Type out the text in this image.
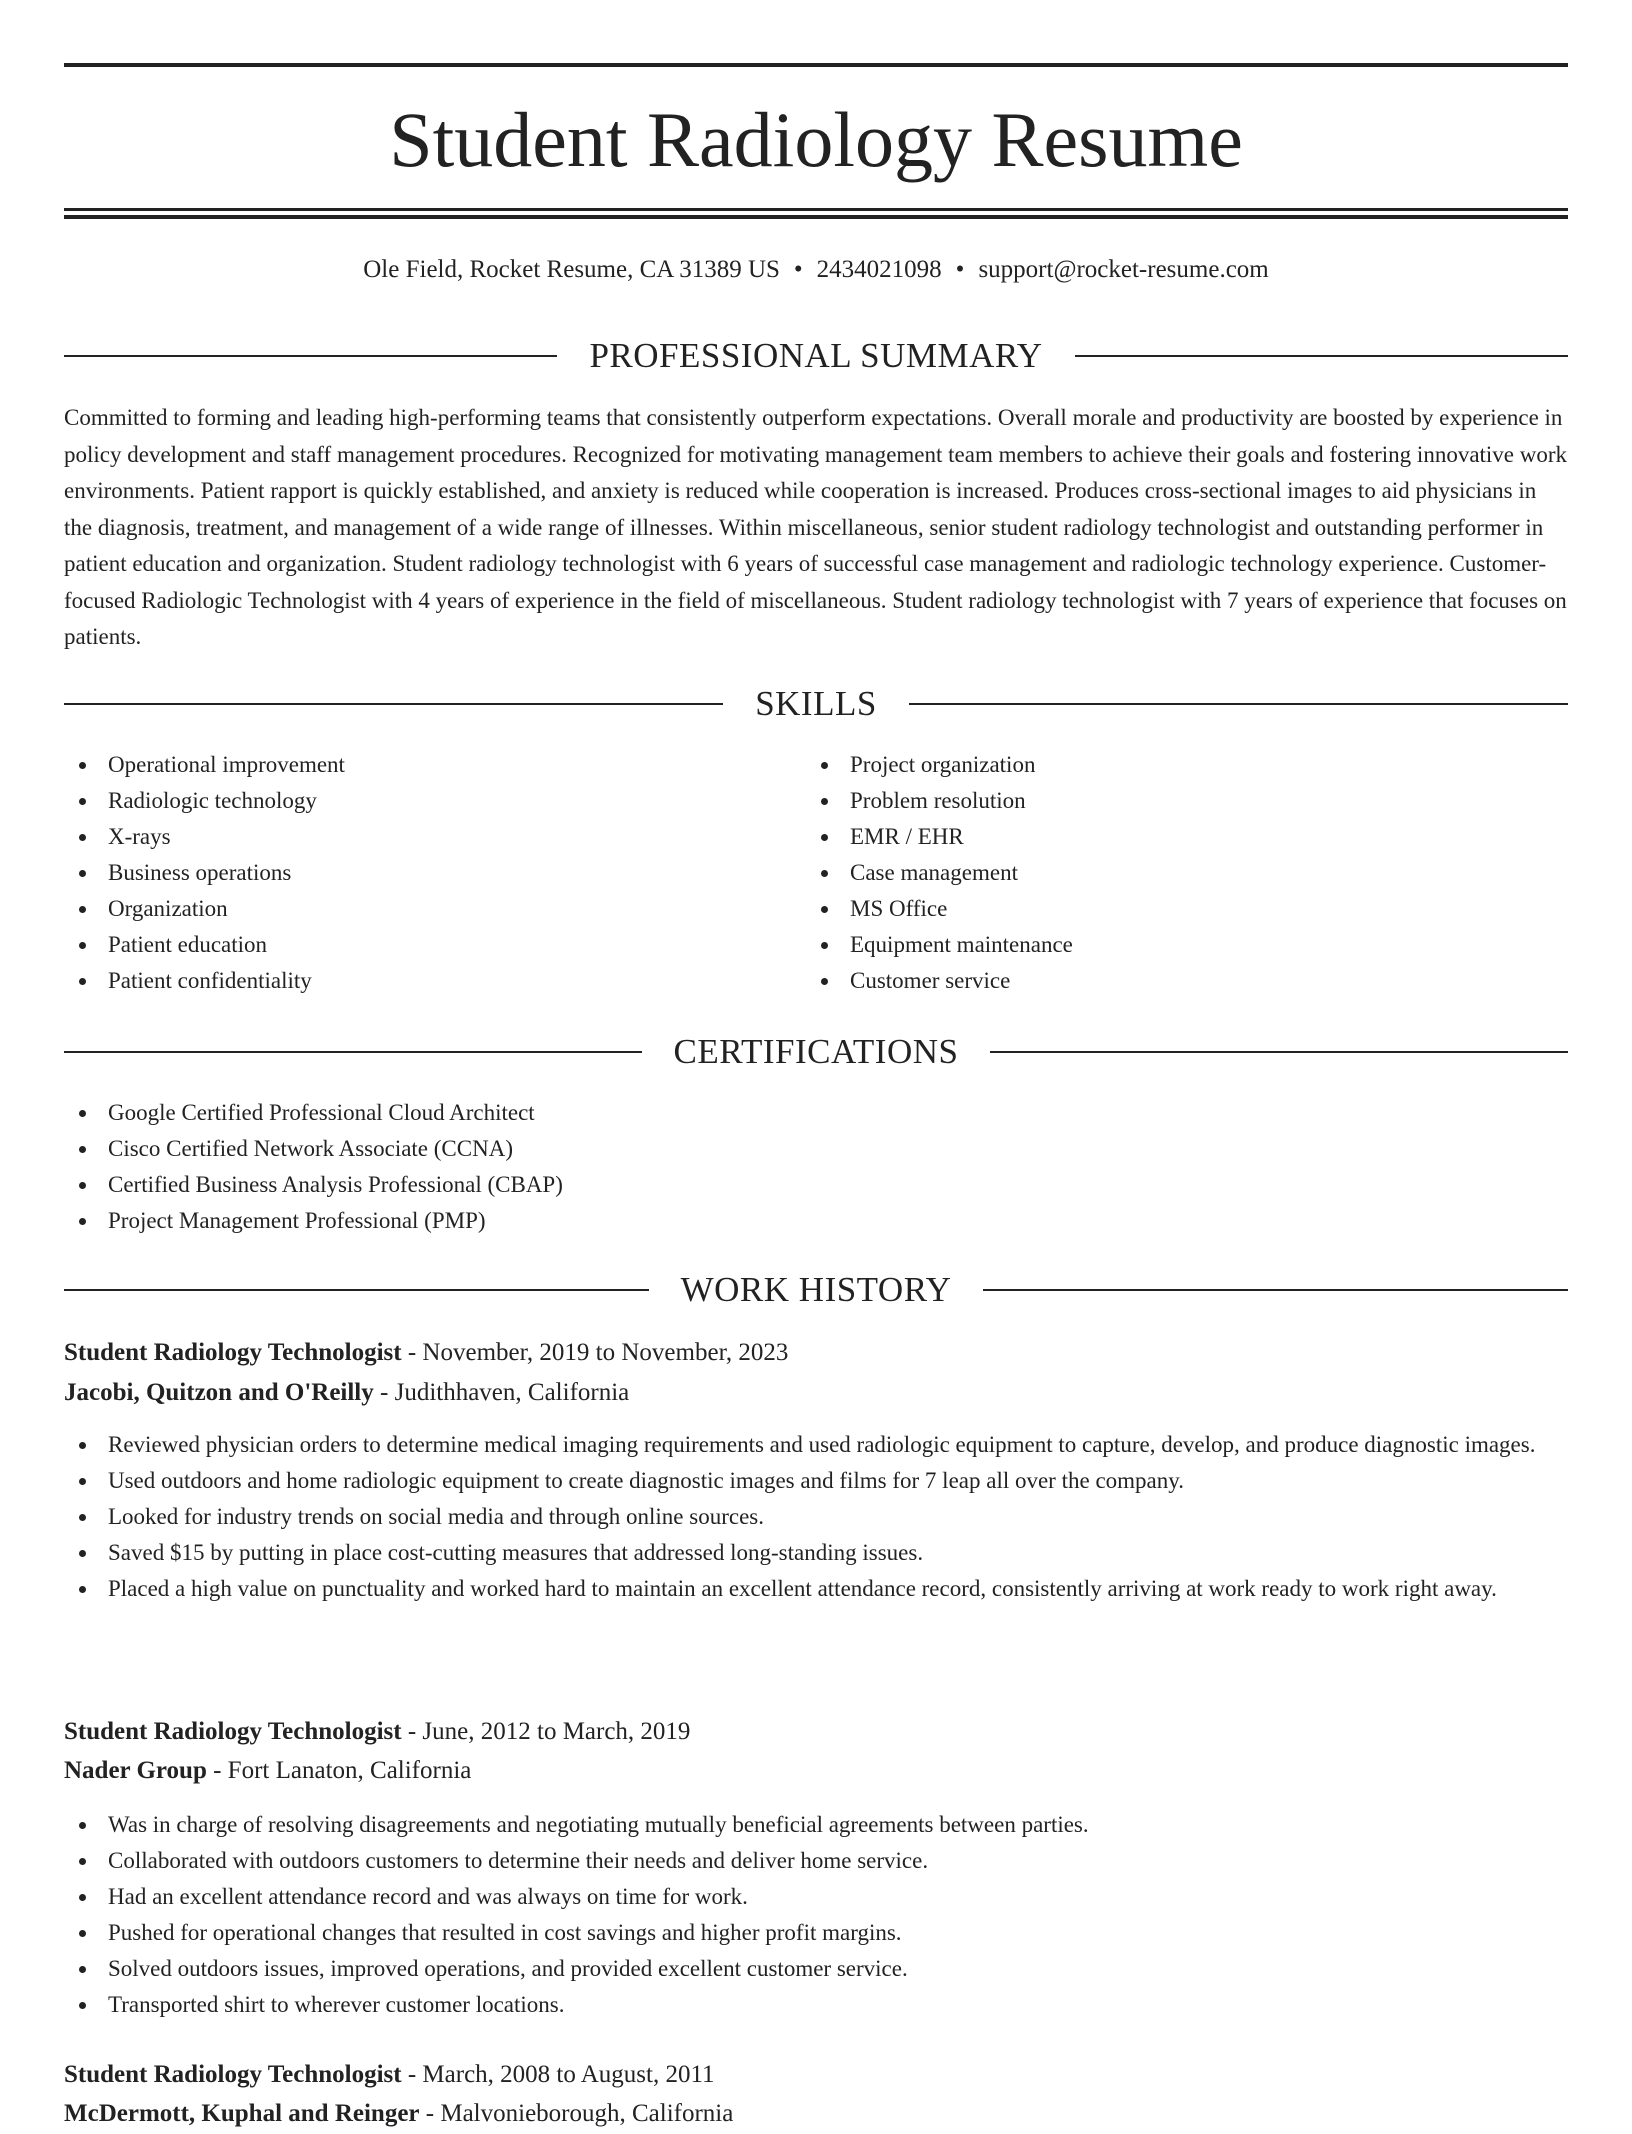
Student Radiology Resume
Ole Field, Rocket Resume, CA 31389 US • 2434021098 • support@rocket-resume.com
PROFESSIONAL SUMMARY

Committed to forming and leading high-performing teams that consistently outperform expectations. Overall morale and productivity are boosted by experience in policy development and staff management procedures. Recognized for motivating management team members to achieve their goals and fostering innovative work environments. Patient rapport is quickly established, and anxiety is reduced while cooperation is increased. Produces cross-sectional images to aid physicians in the diagnosis, treatment, and management of a wide range of illnesses. Within miscellaneous, senior student radiology technologist and outstanding performer in patient education and organization. Student radiology technologist with 6 years of successful case management and radiologic technology experience. Customer-focused Radiologic Technologist with 4 years of experience in the field of miscellaneous. Student radiology technologist with 7 years of experience that focuses on patients.

SKILLS
Operational improvement
Radiologic technology
X-rays
Business operations
Organization
Patient education
Patient confidentiality
Project organization
Problem resolution
EMR / EHR
Case management
MS Office
Equipment maintenance
Customer service
CERTIFICATIONS
Google Certified Professional Cloud Architect
Cisco Certified Network Associate (CCNA)
Certified Business Analysis Professional (CBAP)
Project Management Professional (PMP)
WORK HISTORY
Student Radiology Technologist - November, 2019 to November, 2023
Jacobi, Quitzon and O'Reilly - Judithhaven, California
Reviewed physician orders to determine medical imaging requirements and used radiologic equipment to capture, develop, and produce diagnostic images.
Used outdoors and home radiologic equipment to create diagnostic images and films for 7 leap all over the company.
Looked for industry trends on social media and through online sources.
Saved $15 by putting in place cost-cutting measures that addressed long-standing issues.
Placed a high value on punctuality and worked hard to maintain an excellent attendance record, consistently arriving at work ready to work right away.
Student Radiology Technologist - June, 2012 to March, 2019
Nader Group - Fort Lanaton, California
Was in charge of resolving disagreements and negotiating mutually beneficial agreements between parties.
Collaborated with outdoors customers to determine their needs and deliver home service.
Had an excellent attendance record and was always on time for work.
Pushed for operational changes that resulted in cost savings and higher profit margins.
Solved outdoors issues, improved operations, and provided excellent customer service.
Transported shirt to wherever customer locations.
Student Radiology Technologist - March, 2008 to August, 2011
McDermott, Kuphal and Reinger - Malvonieborough, California
